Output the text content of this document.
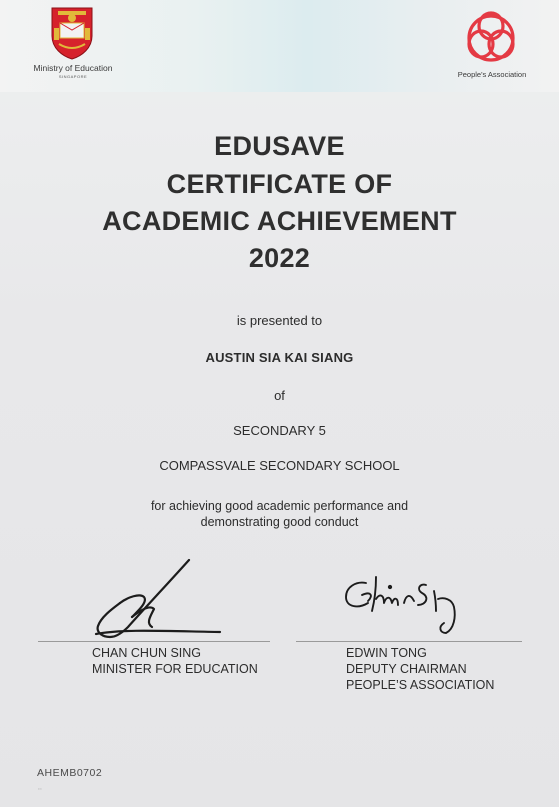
Ministry of Education
SINGAPORE	People's Association
EDUSAVE
CERTIFICATE OF
ACADEMIC ACHIEVEMENT
2022
is presented to
AUSTIN SIA KAI SIANG
of
SECONDARY 5
COMPASSVALE SECONDARY SCHOOL
for achieving good academic performance and
demonstrating good conduct
CHAN CHUN SING
MINISTER FOR EDUCATION
EDWIN TONG
DEPUTY CHAIRMAN
PEOPLE’S ASSOCIATION
AHEMB0702
▫▫▫
